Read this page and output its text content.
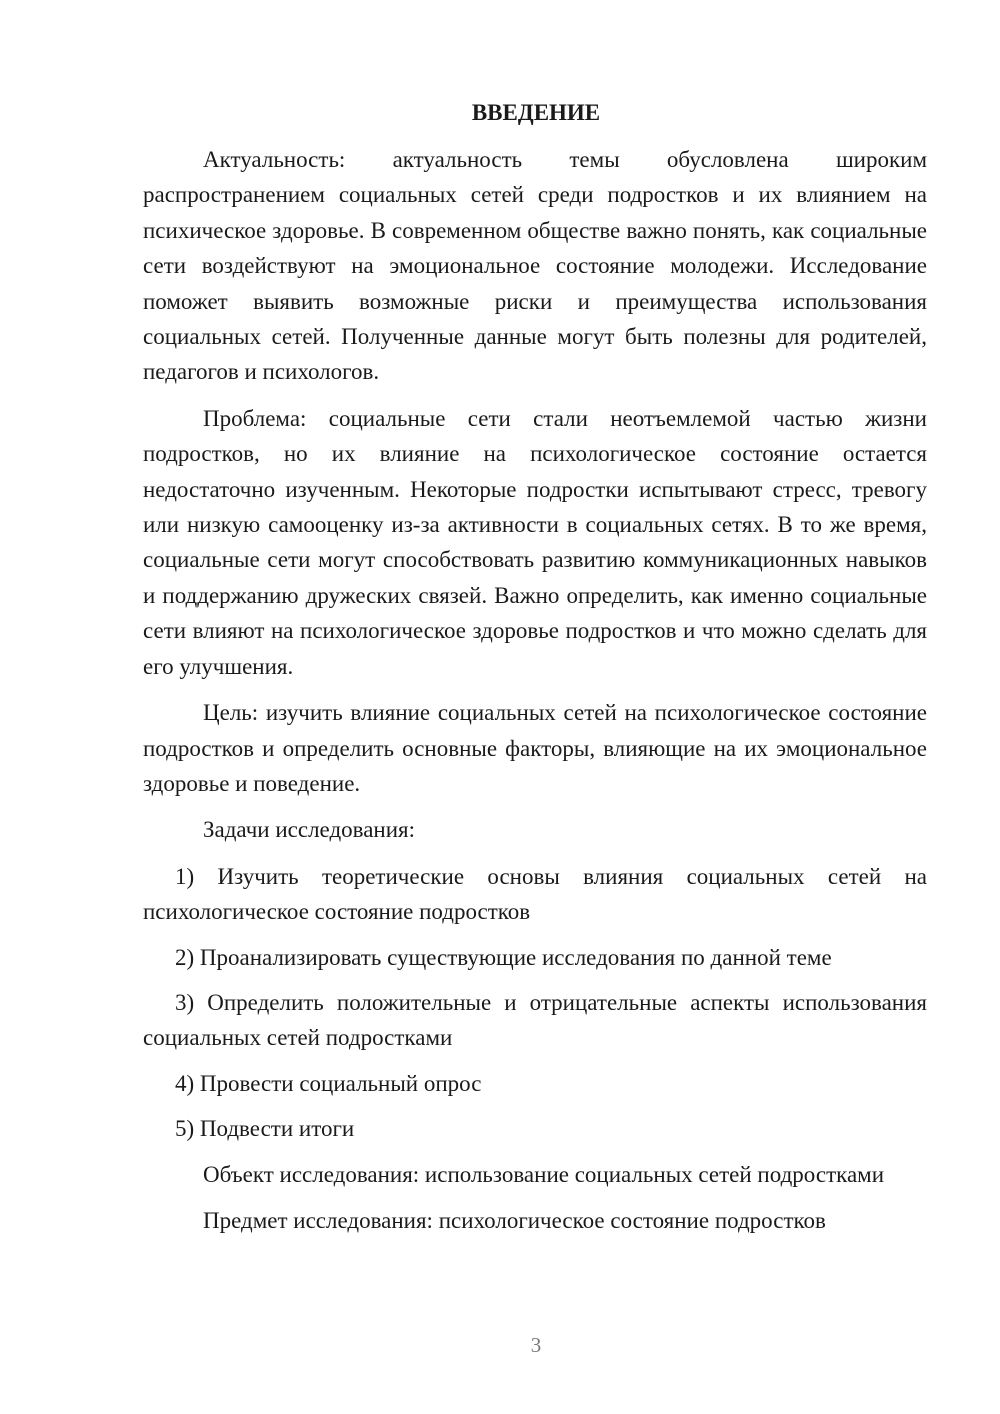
ВВЕДЕНИЕ

Актуальность: актуальность темы обусловлена широким распространением социальных сетей среди подростков и их влиянием на психическое здоровье. В современном обществе важно понять, как социальные сети воздействуют на эмоциональное состояние молодежи. Исследование поможет выявить возможные риски и преимущества использования социальных сетей. Полученные данные могут быть полезны для родителей, педагогов и психологов.

Проблема: социальные сети стали неотъемлемой частью жизни подростков, но их влияние на психологическое состояние остается недостаточно изученным. Некоторые подростки испытывают стресс, тревогу или низкую самооценку из-за активности в социальных сетях. В то же время, социальные сети могут способствовать развитию коммуникационных навыков и поддержанию дружеских связей. Важно определить, как именно социальные сети влияют на психологическое здоровье подростков и что можно сделать для его улучшения.

Цель: изучить влияние социальных сетей на психологическое состояние подростков и определить основные факторы, влияющие на их эмоциональное здоровье и поведение.

Задачи исследования:

1) Изучить теоретические основы влияния социальных сетей на психологическое состояние подростков

2) Проанализировать существующие исследования по данной теме

3) Определить положительные и отрицательные аспекты использования социальных сетей подростками

4) Провести социальный опрос

5) Подвести итоги

Объект исследования: использование социальных сетей подростками

Предмет исследования: психологическое состояние подростков

3
